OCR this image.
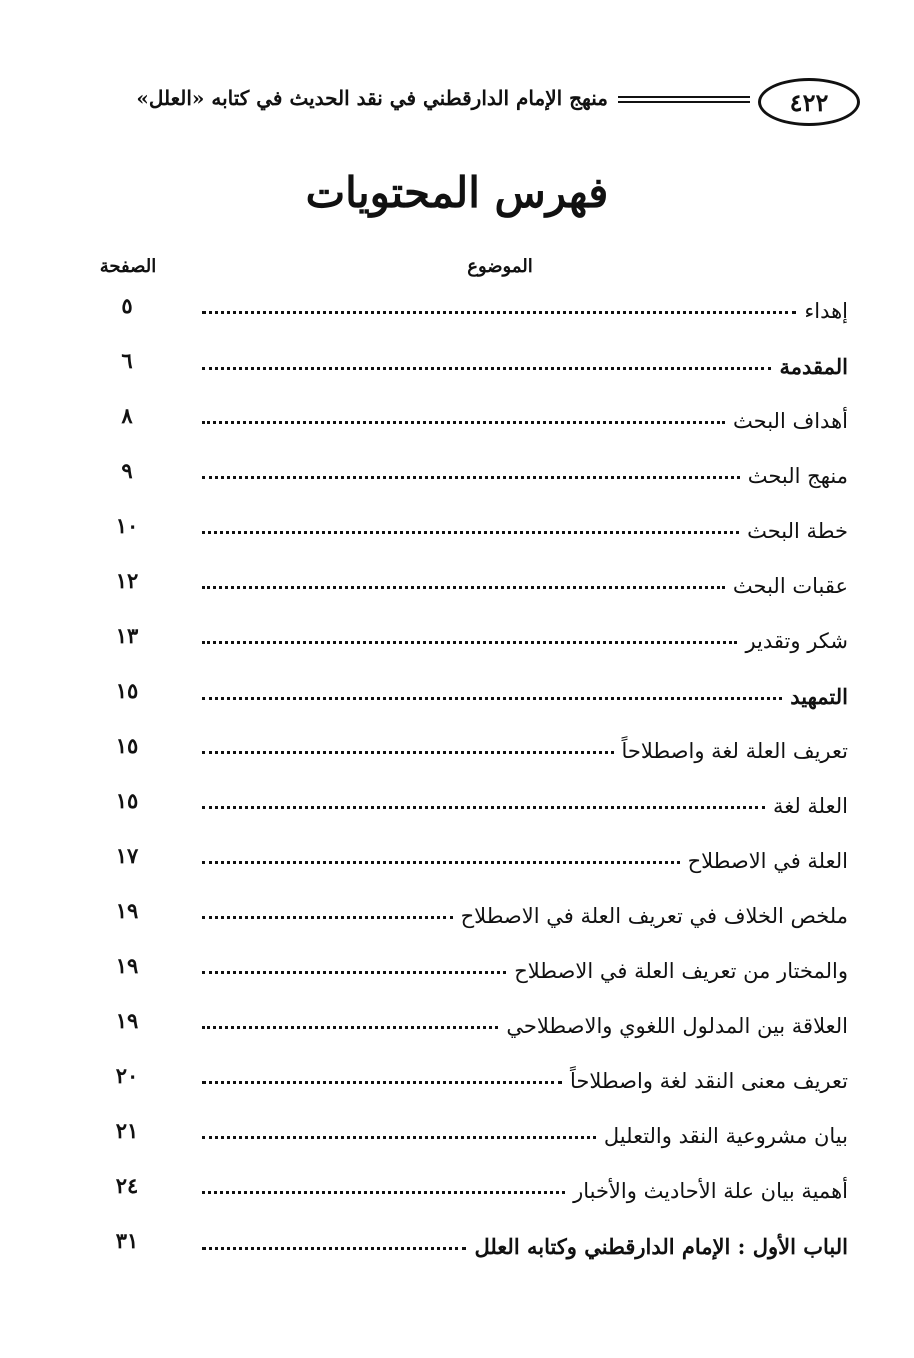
٤٢٢
منهج الإمام الدارقطني في نقد الحديث في كتابه «العلل»
فهرس المحتويات
الصفحة	الموضوع
إهداء
٥
المقدمة
٦
أهداف البحث
٨
منهج البحث
٩
خطة البحث
١٠
عقبات البحث
١٢
شكر وتقدير
١٣
التمهيد
١٥
تعريف العلة لغة واصطلاحاً
١٥
العلة لغة
١٥
العلة في الاصطلاح
١٧
ملخص الخلاف في تعريف العلة في الاصطلاح
١٩
والمختار من تعريف العلة في الاصطلاح
١٩
العلاقة بين المدلول اللغوي والاصطلاحي
١٩
تعريف معنى النقد لغة واصطلاحاً
٢٠
بيان مشروعية النقد والتعليل
٢١
أهمية بيان علة الأحاديث والأخبار
٢٤
الباب الأول : الإمام الدارقطني وكتابه العلل
٣١
